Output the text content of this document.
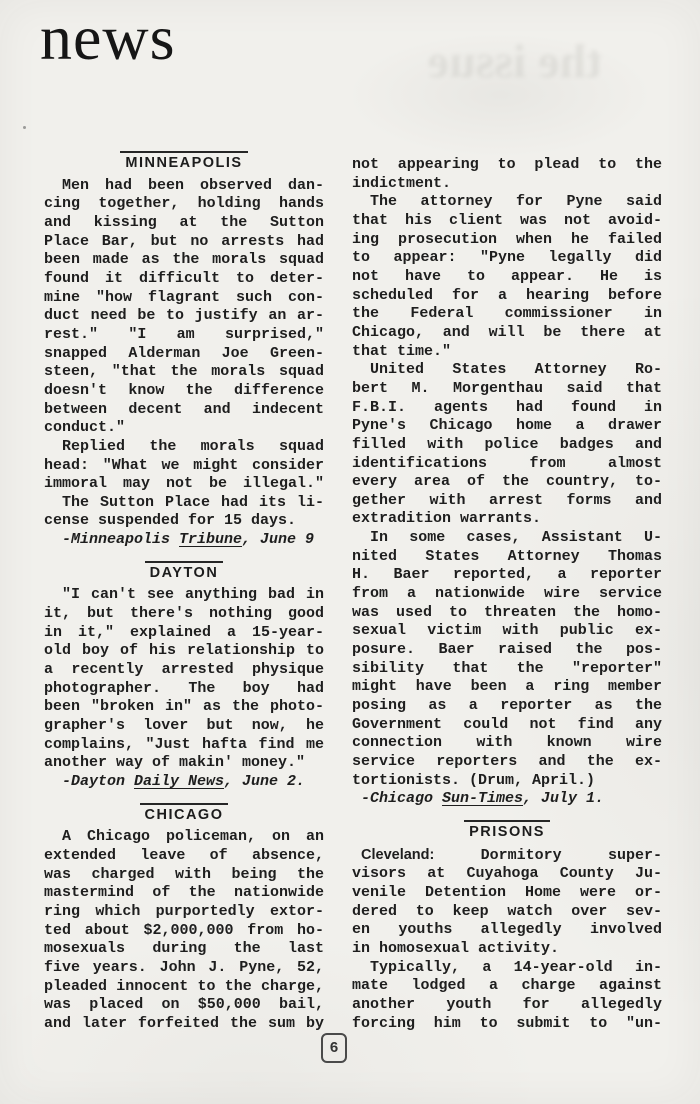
the issue
news
MINNEAPOLIS
Men had been observed dan-
cing together, holding hands
and kissing at the Sutton
Place Bar, but no arrests had
been made as the morals squad
found it difficult to deter-
mine "how flagrant such con-
duct need be to justify an ar-
rest." "I am surprised,"
snapped Alderman Joe Green-
steen, "that the morals squad
doesn't know the difference
between decent and indecent
conduct."
Replied the morals squad
head: "What we might consider
immoral may not be illegal."
The Sutton Place had its li-
cense suspended for 15 days.
-Minneapolis Tribune, June 9
DAYTON
"I can't see anything bad in
it, but there's nothing good
in it," explained a 15-year-
old boy of his relationship to
a recently arrested physique
photographer. The boy had
been "broken in" as the photo-
grapher's lover but now, he
complains, "Just hafta find me
another way of makin' money."
-Dayton Daily News, June 2.
CHICAGO
A Chicago policeman, on an
extended leave of absence,
was charged with being the
mastermind of the nationwide
ring which purportedly extor-
ted about $2,000,000 from ho-
mosexuals during the last
five years. John J. Pyne, 52,
pleaded innocent to the charge,
was placed on $50,000 bail,
and later forfeited the sum by
not appearing to plead to the
indictment.
The attorney for Pyne said
that his client was not avoid-
ing prosecution when he failed
to appear: "Pyne legally did
not have to appear. He is
scheduled for a hearing before
the Federal commissioner in
Chicago, and will be there at
that time."
United States Attorney Ro-
bert M. Morgenthau said that
F.B.I. agents had found in
Pyne's Chicago home a drawer
filled with police badges and
identifications from almost
every area of the country, to-
gether with arrest forms and
extradition warrants.
In some cases, Assistant U-
nited States Attorney Thomas
H. Baer reported, a reporter
from a nationwide wire service
was used to threaten the homo-
sexual victim with public ex-
posure. Baer raised the pos-
sibility that the "reporter"
might have been a ring member
posing as a reporter as the
Government could not find any
connection with known wire
service reporters and the ex-
tortionists. (Drum, April.)
-Chicago Sun-Times, July 1.
PRISONS
Cleveland: Dormitory super-
visors at Cuyahoga County Ju-
venile Detention Home were or-
dered to keep watch over sev-
en youths allegedly involved
in homosexual activity.
Typically, a 14-year-old in-
mate lodged a charge against
another youth for allegedly
forcing him to submit to "un-
6
